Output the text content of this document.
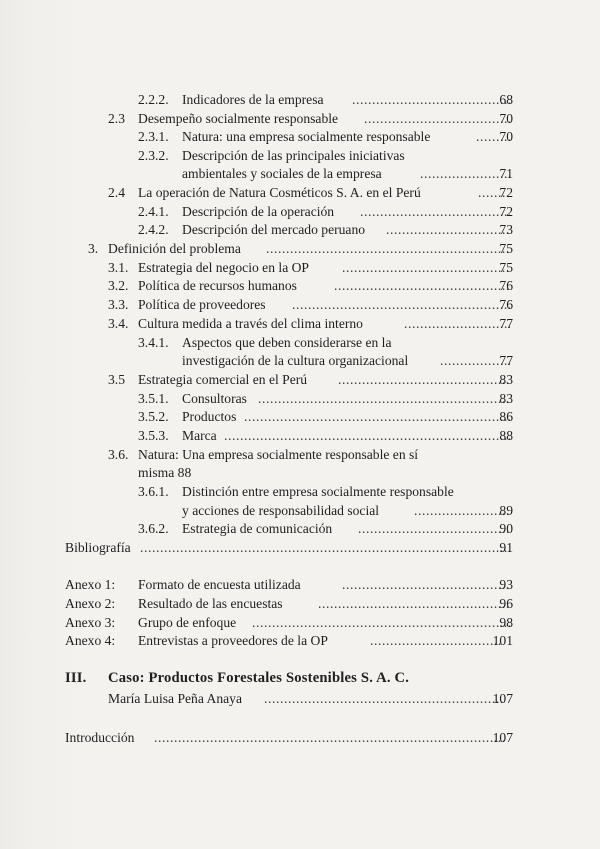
2.2.2. Indicadores de la empresa .....	68
2.3 Desempeño socialmente responsable .....	70
2.3.1. Natura: una empresa socialmente responsable .....	70
2.3.2. Descripción de las principales iniciativas
ambientales y sociales de la empresa .....	71
2.4 La operación de Natura Cosméticos S. A. en el Perú .....	72
2.4.1. Descripción de la operación .....	72
2.4.2. Descripción del mercado peruano .....	73
3. Definición del problema .....	75
3.1. Estrategia del negocio en la OP .....	75
3.2. Política de recursos humanos .....	76
3.3. Política de proveedores .....	76
3.4. Cultura medida a través del clima interno .....	77
3.4.1. Aspectos que deben considerarse en la
investigación de la cultura organizacional .....	77
3.5 Estrategia comercial en el Perú .....	83
3.5.1. Consultoras .....	83
3.5.2. Productos .....	86
3.5.3. Marca .....	88
3.6. Natura: Una empresa socialmente responsable en sí
misma 88
3.6.1. Distinción entre empresa socialmente responsable
y acciones de responsabilidad social .....	89
3.6.2. Estrategia de comunicación .....	90
Bibliografía .....	91
Anexo 1: Formato de encuesta utilizada .....	93
Anexo 2: Resultado de las encuestas .....	96
Anexo 3: Grupo de enfoque .....	98
Anexo 4: Entrevistas a proveedores de la OP .....	101
III. Caso: Productos Forestales Sostenibles S. A. C.
María Luisa Peña Anaya .....	107
Introducción .....	107
